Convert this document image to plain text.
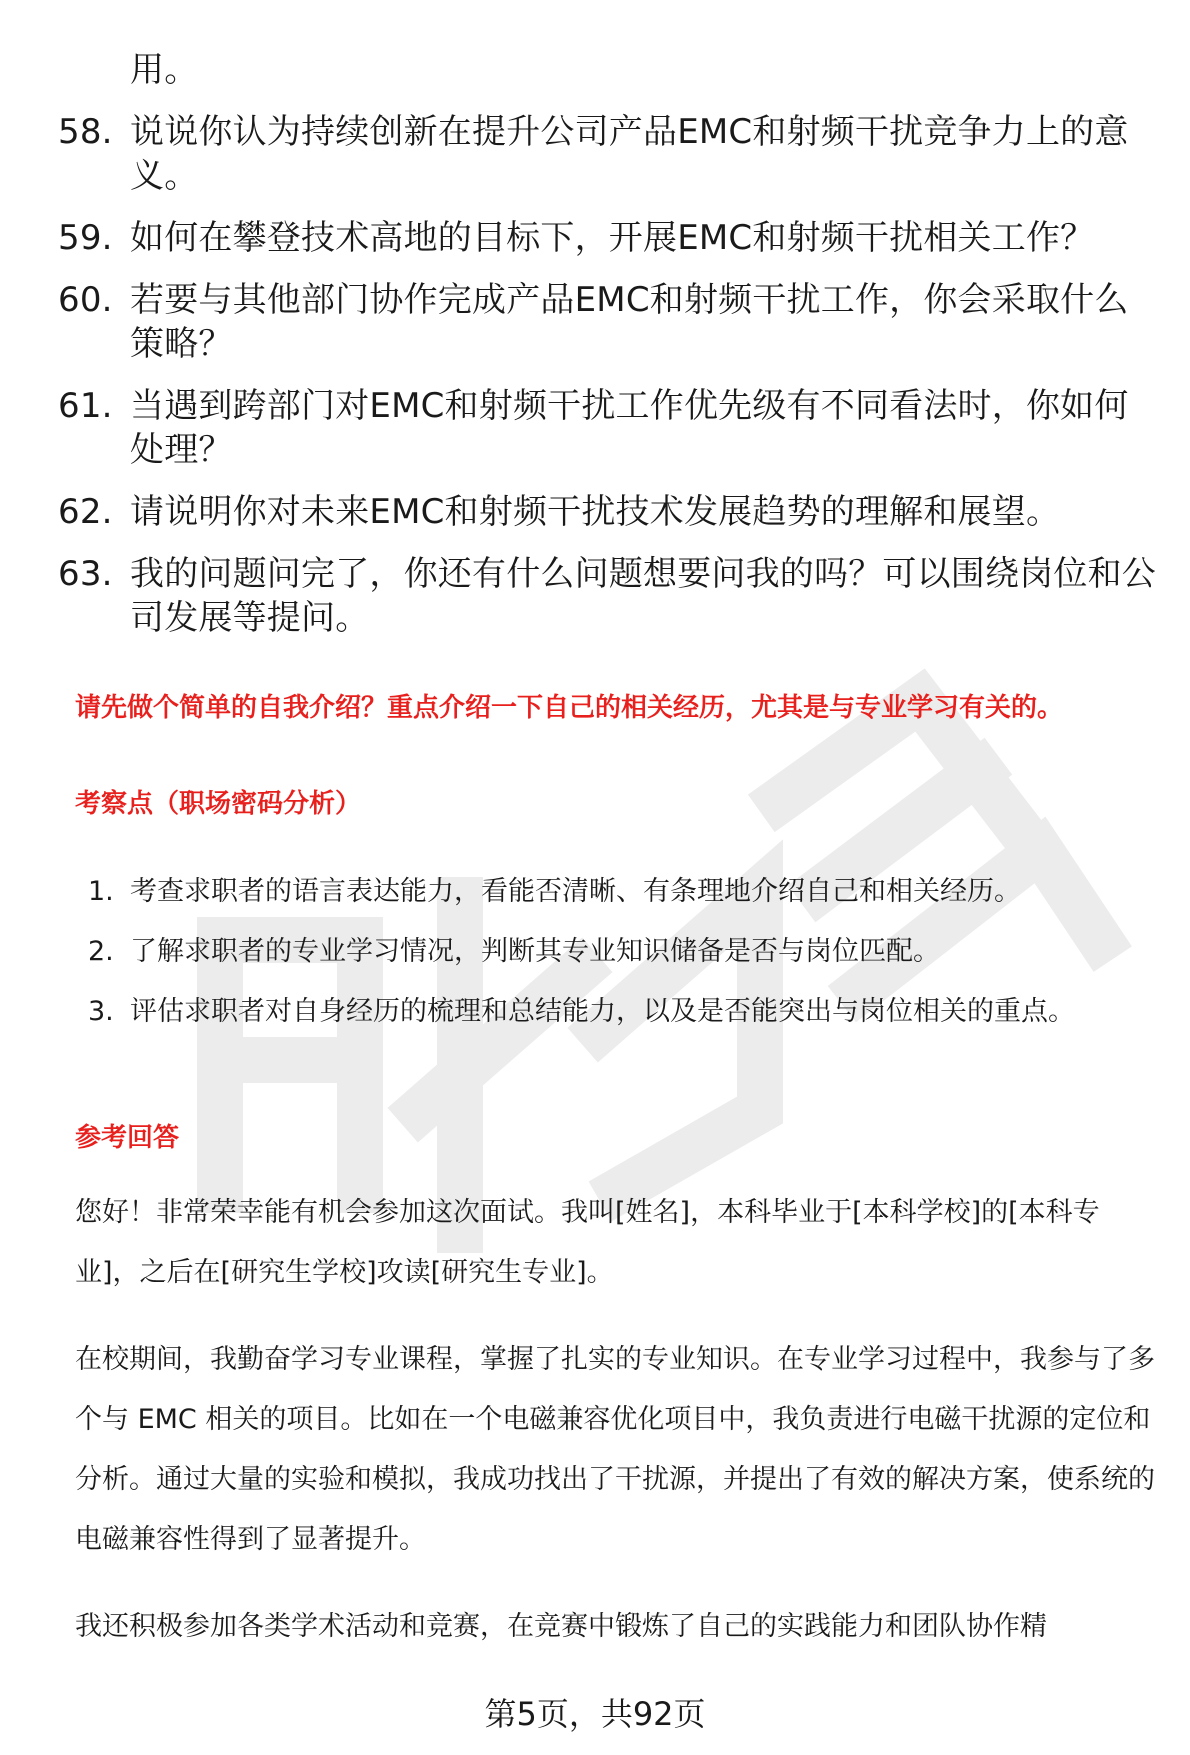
用。
58. 说说你认为持续创新在提升公司产品EMC和射频干扰竞争力上的意义。
59. 如何在攀登技术高地的目标下，开展EMC和射频干扰相关工作？
60. 若要与其他部门协作完成产品EMC和射频干扰工作，你会采取什么策略？
61. 当遇到跨部门对EMC和射频干扰工作优先级有不同看法时，你如何处理？
62. 请说明你对未来EMC和射频干扰技术发展趋势的理解和展望。
63. 我的问题问完了，你还有什么问题想要问我的吗？可以围绕岗位和公司发展等提问。
请先做个简单的自我介绍？重点介绍一下自己的相关经历，尤其是与专业学习有关的。
考察点（职场密码分析）
1. 考查求职者的语言表达能力，看能否清晰、有条理地介绍自己和相关经历。
2. 了解求职者的专业学习情况，判断其专业知识储备是否与岗位匹配。
3. 评估求职者对自身经历的梳理和总结能力，以及是否能突出与岗位相关的重点。
参考回答

您好！非常荣幸能有机会参加这次面试。我叫[姓名]，本科毕业于[本科学校]的[本科专业]，之后在[研究生学校]攻读[研究生专业]。

在校期间，我勤奋学习专业课程，掌握了扎实的专业知识。在专业学习过程中，我参与了多个与 EMC 相关的项目。比如在一个电磁兼容优化项目中，我负责进行电磁干扰源的定位和分析。通过大量的实验和模拟，我成功找出了干扰源，并提出了有效的解决方案，使系统的电磁兼容性得到了显著提升。

我还积极参加各类学术活动和竞赛，在竞赛中锻炼了自己的实践能力和团队协作精

第5页，共92页
